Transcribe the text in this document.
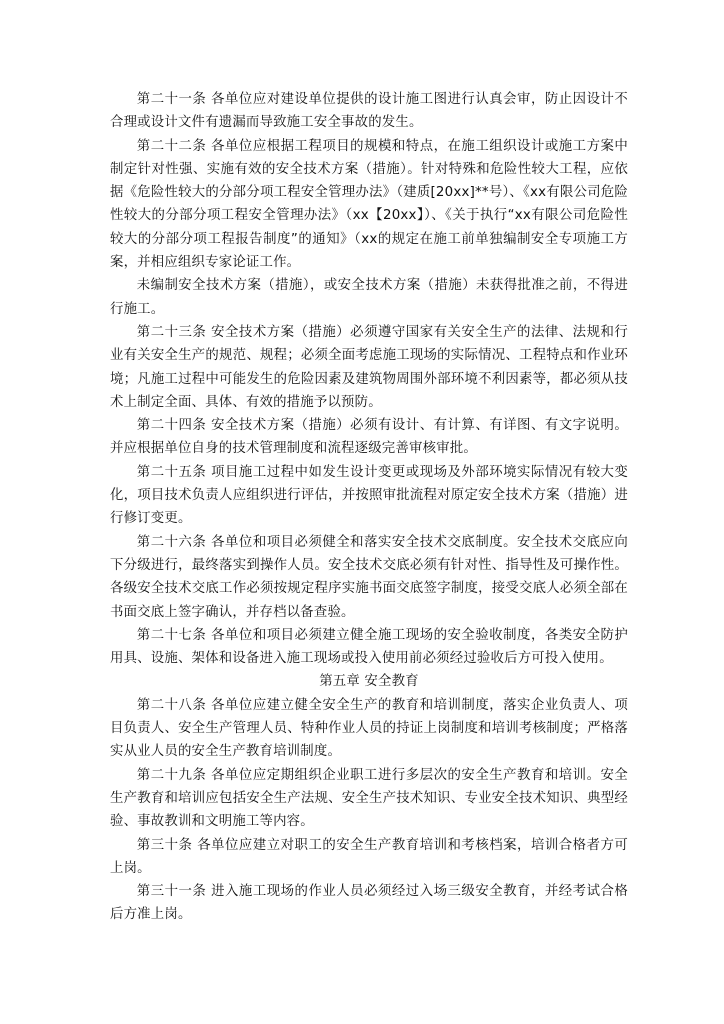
第二十一条 各单位应对建设单位提供的设计施工图进行认真会审，防止因设计不合理或设计文件有遗漏而导致施工安全事故的发生。

第二十二条 各单位应根据工程项目的规模和特点，在施工组织设计或施工方案中制定针对性强、实施有效的安全技术方案（措施）。针对特殊和危险性较大工程，应依据《危险性较大的分部分项工程安全管理办法》（建质[20xx]**号）、《xx有限公司危险性较大的分部分项工程安全管理办法》（xx【20xx】）、《关于执行“xx有限公司危险性较大的分部分项工程报告制度”的通知》（xx的规定在施工前单独编制安全专项施工方案，并相应组织专家论证工作。

未编制安全技术方案（措施），或安全技术方案（措施）未获得批准之前，不得进行施工。

第二十三条 安全技术方案（措施）必须遵守国家有关安全生产的法律、法规和行业有关安全生产的规范、规程；必须全面考虑施工现场的实际情况、工程特点和作业环境；凡施工过程中可能发生的危险因素及建筑物周围外部环境不利因素等，都必须从技术上制定全面、具体、有效的措施予以预防。

第二十四条 安全技术方案（措施）必须有设计、有计算、有详图、有文字说明。并应根据单位自身的技术管理制度和流程逐级完善审核审批。

第二十五条 项目施工过程中如发生设计变更或现场及外部环境实际情况有较大变化，项目技术负责人应组织进行评估，并按照审批流程对原定安全技术方案（措施）进行修订变更。

第二十六条 各单位和项目必须健全和落实安全技术交底制度。安全技术交底应向下分级进行，最终落实到操作人员。安全技术交底必须有针对性、指导性及可操作性。各级安全技术交底工作必须按规定程序实施书面交底签字制度，接受交底人必须全部在书面交底上签字确认，并存档以备查验。

第二十七条 各单位和项目必须建立健全施工现场的安全验收制度，各类安全防护用具、设施、架体和设备进入施工现场或投入使用前必须经过验收后方可投入使用。

第五章 安全教育

第二十八条 各单位应建立健全安全生产的教育和培训制度，落实企业负责人、项目负责人、安全生产管理人员、特种作业人员的持证上岗制度和培训考核制度；严格落实从业人员的安全生产教育培训制度。

第二十九条 各单位应定期组织企业职工进行多层次的安全生产教育和培训。安全生产教育和培训应包括安全生产法规、安全生产技术知识、专业安全技术知识、典型经验、事故教训和文明施工等内容。

第三十条 各单位应建立对职工的安全生产教育培训和考核档案，培训合格者方可上岗。

第三十一条 进入施工现场的作业人员必须经过入场三级安全教育，并经考试合格后方准上岗。
